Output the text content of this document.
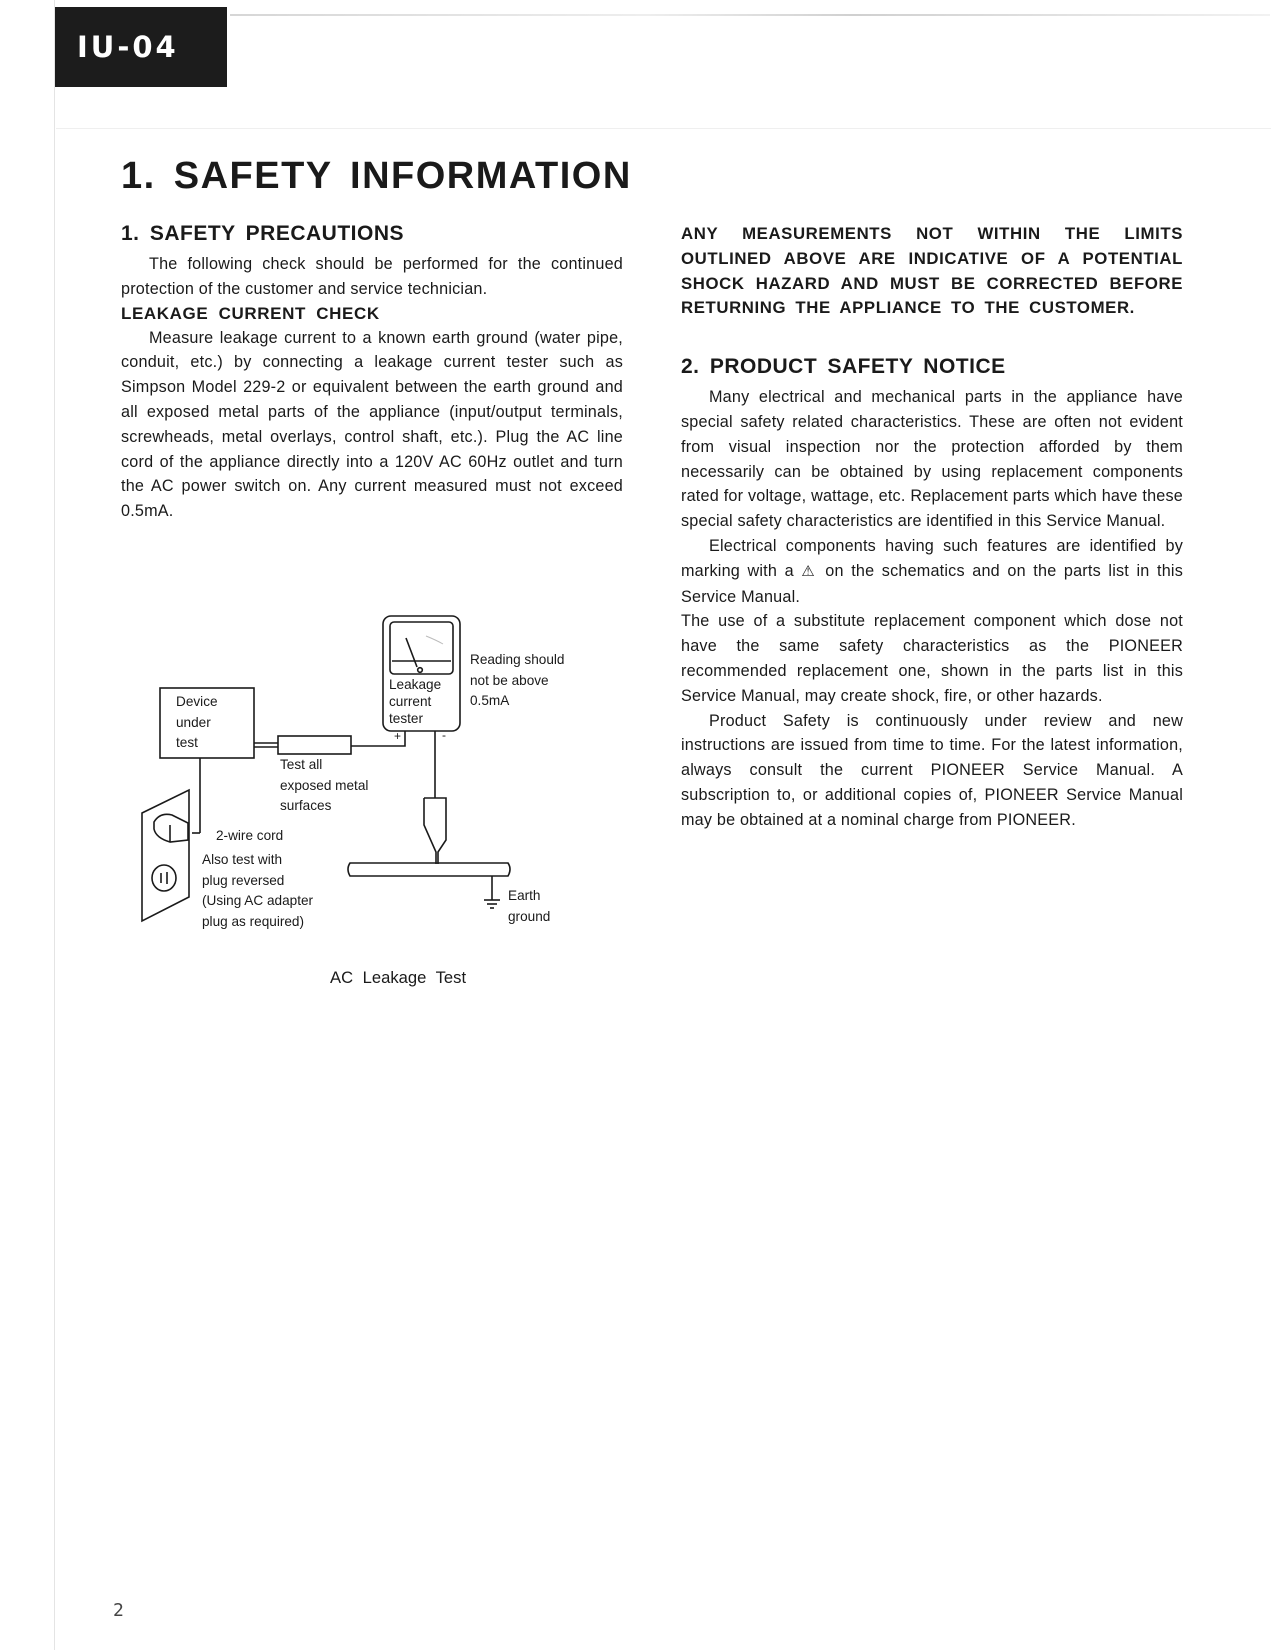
IU-04
1. SAFETY INFORMATION
1. SAFETY PRECAUTIONS

The following check should be performed for the continued protection of the customer and service technician.

LEAKAGE CURRENT CHECK

Measure leakage current to a known earth ground (water pipe, conduit, etc.) by connecting a leakage current tester such as Simpson Model 229-2 or equivalent between the earth ground and all exposed metal parts of the appliance (input/output terminals, screwheads, metal overlays, control shaft, etc.). Plug the AC line cord of the appliance directly into a 120V AC 60Hz outlet and turn the AC power switch on. Any current measured must not exceed 0.5mA.

Device
under
test
Leakage
current
tester
Reading should
not be above
0.5mA
+	-
Test all
exposed metal
surfaces
2-wire cord
Also test with
plug reversed
(Using AC adapter
plug as required)
Earth
ground
AC Leakage Test

ANY MEASUREMENTS NOT WITHIN THE LIMITS OUTLINED ABOVE ARE INDICATIVE OF A POTENTIAL SHOCK HAZARD AND MUST BE CORRECTED BEFORE RETURNING THE APPLIANCE TO THE CUSTOMER.

2. PRODUCT SAFETY NOTICE

Many electrical and mechanical parts in the appliance have special safety related characteristics. These are often not evident from visual inspection nor the protection afforded by them necessarily can be obtained by using replacement components rated for voltage, wattage, etc. Replacement parts which have these special safety characteristics are identified in this Service Manual.

Electrical components having such features are identified by marking with a ⚠ on the schematics and on the parts list in this Service Manual.

The use of a substitute replacement component which dose not have the same safety characteristics as the PIONEER recommended replacement one, shown in the parts list in this Service Manual, may create shock, fire, or other hazards.

Product Safety is continuously under review and new instructions are issued from time to time. For the latest information, always consult the current PIONEER Service Manual. A subscription to, or additional copies of, PIONEER Service Manual may be obtained at a nominal charge from PIONEER.

2
